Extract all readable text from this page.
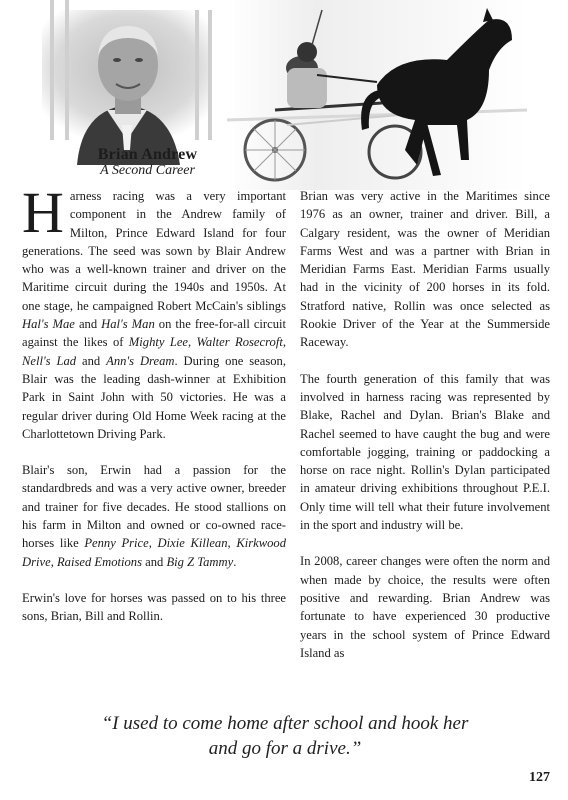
Brian Andrew
A Second Career

Harness racing was a very important component in the Andrew family of Milton, Prince Edward Island for four generations. The seed was sown by Blair Andrew who was a well-known trainer and driver on the Maritime circuit during the 1940s and 1950s. At one stage, he campaigned Robert McCain's siblings Hal's Mae and Hal's Man on the free-for-all circuit against the likes of Mighty Lee, Walter Rosecroft, Nell's Lad and Ann's Dream. During one season, Blair was the leading dash-winner at Exhibition Park in Saint John with 50 victories. He was a regular driver during Old Home Week racing at the Charlottetown Driving Park.

Blair's son, Erwin had a passion for the standardbreds and was a very active owner, breeder and trainer for five decades. He stood stallions on his farm in Milton and owned or co-owned race-horses like Penny Price, Dixie Killean, Kirkwood Drive, Raised Emotions and Big Z Tammy.

Erwin's love for horses was passed on to his three sons, Brian, Bill and Rollin.

Brian was very active in the Maritimes since 1976 as an owner, trainer and driver. Bill, a Calgary resident, was the owner of Meridian Farms West and was a partner with Brian in Meridian Farms East. Meridian Farms usually had in the vicinity of 200 horses in its fold. Stratford native, Rollin was once selected as Rookie Driver of the Year at the Summerside Raceway.

The fourth generation of this family that was involved in harness racing was represented by Blake, Rachel and Dylan. Brian's Blake and Rachel seemed to have caught the bug and were comfortable jogging, training or paddocking a horse on race night. Rollin's Dylan participated in amateur driving exhibitions throughout P.E.I. Only time will tell what their future involvement in the sport and industry will be.

In 2008, career changes were often the norm and when made by choice, the results were often positive and rewarding. Brian Andrew was fortunate to have experienced 30 productive years in the school system of Prince Edward Island as

“I used to come home after school and hook her
and go for a drive.”
127
